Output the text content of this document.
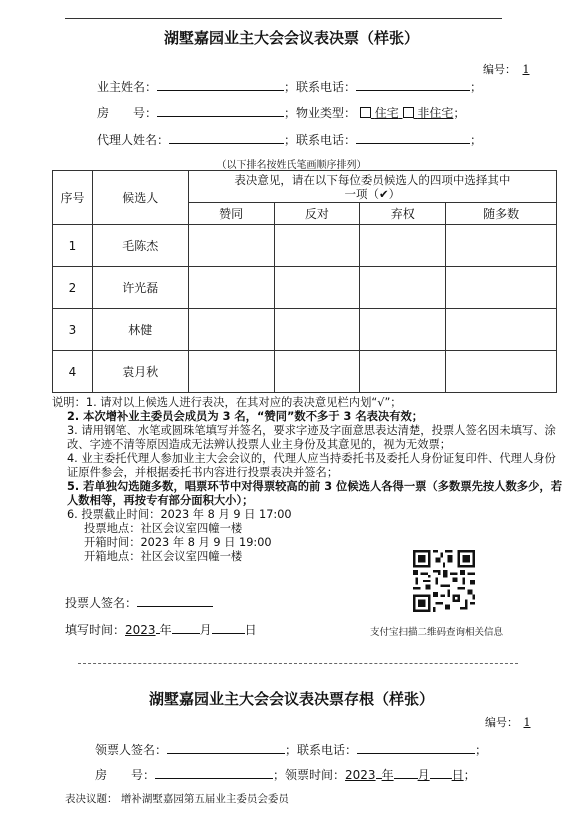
湖墅嘉园业主大会会议表决票（样张）
编号： 1
业主姓名：	；联系电话：	；
房　　号：	；物业类型： 住宅 非住宅；
代理人姓名：	；联系电话：	；
（以下排名按姓氏笔画顺序排列）
序号	候选人	表决意见，请在以下每位委员候选人的四项中选择其中一项（✔）			
		赞同	反对	弃权	随多数
1	毛陈杰				
2	许光磊				
3	林健				
4	袁月秋				
说明：1. 请对以上候选人进行表决，在其对应的表决意见栏内划“√”；
2. 本次增补业主委员会成员为 3 名，“赞同”数不多于 3 名表决有效；
3. 请用钢笔、水笔或圆珠笔填写并签名，要求字迹及字面意思表达清楚，投票人签名因未填写、涂改、字迹不清等原因造成无法辨认投票人业主身份及其意见的，视为无效票；
4. 业主委托代理人参加业主大会会议的，代理人应当持委托书及委托人身份证复印件、代理人身份证原件参会，并根据委托书内容进行投票表决并签名；
5. 若单独勾选随多数，唱票环节中对得票较高的前 3 位候选人各得一票（多数票先按人数多少，若人数相等，再按专有部分面积大小）；
6. 投票截止时间：2023 年 8 月 9 日 17:00
投票地点：社区会议室四幢一楼
开箱时间：2023 年 8 月 9 日 19:00
开箱地点：社区会议室四幢一楼
投票人签名：
填写时间：2023 年 月	日	支付宝扫描二维码查询相关信息
湖墅嘉园业主大会会议表决票存根（样张）
编号： 1
领票人签名：	；联系电话：	；
房　　号：	；领票时间：2023 年 月 日；
表决议题： 增补湖墅嘉园第五届业主委员会委员
